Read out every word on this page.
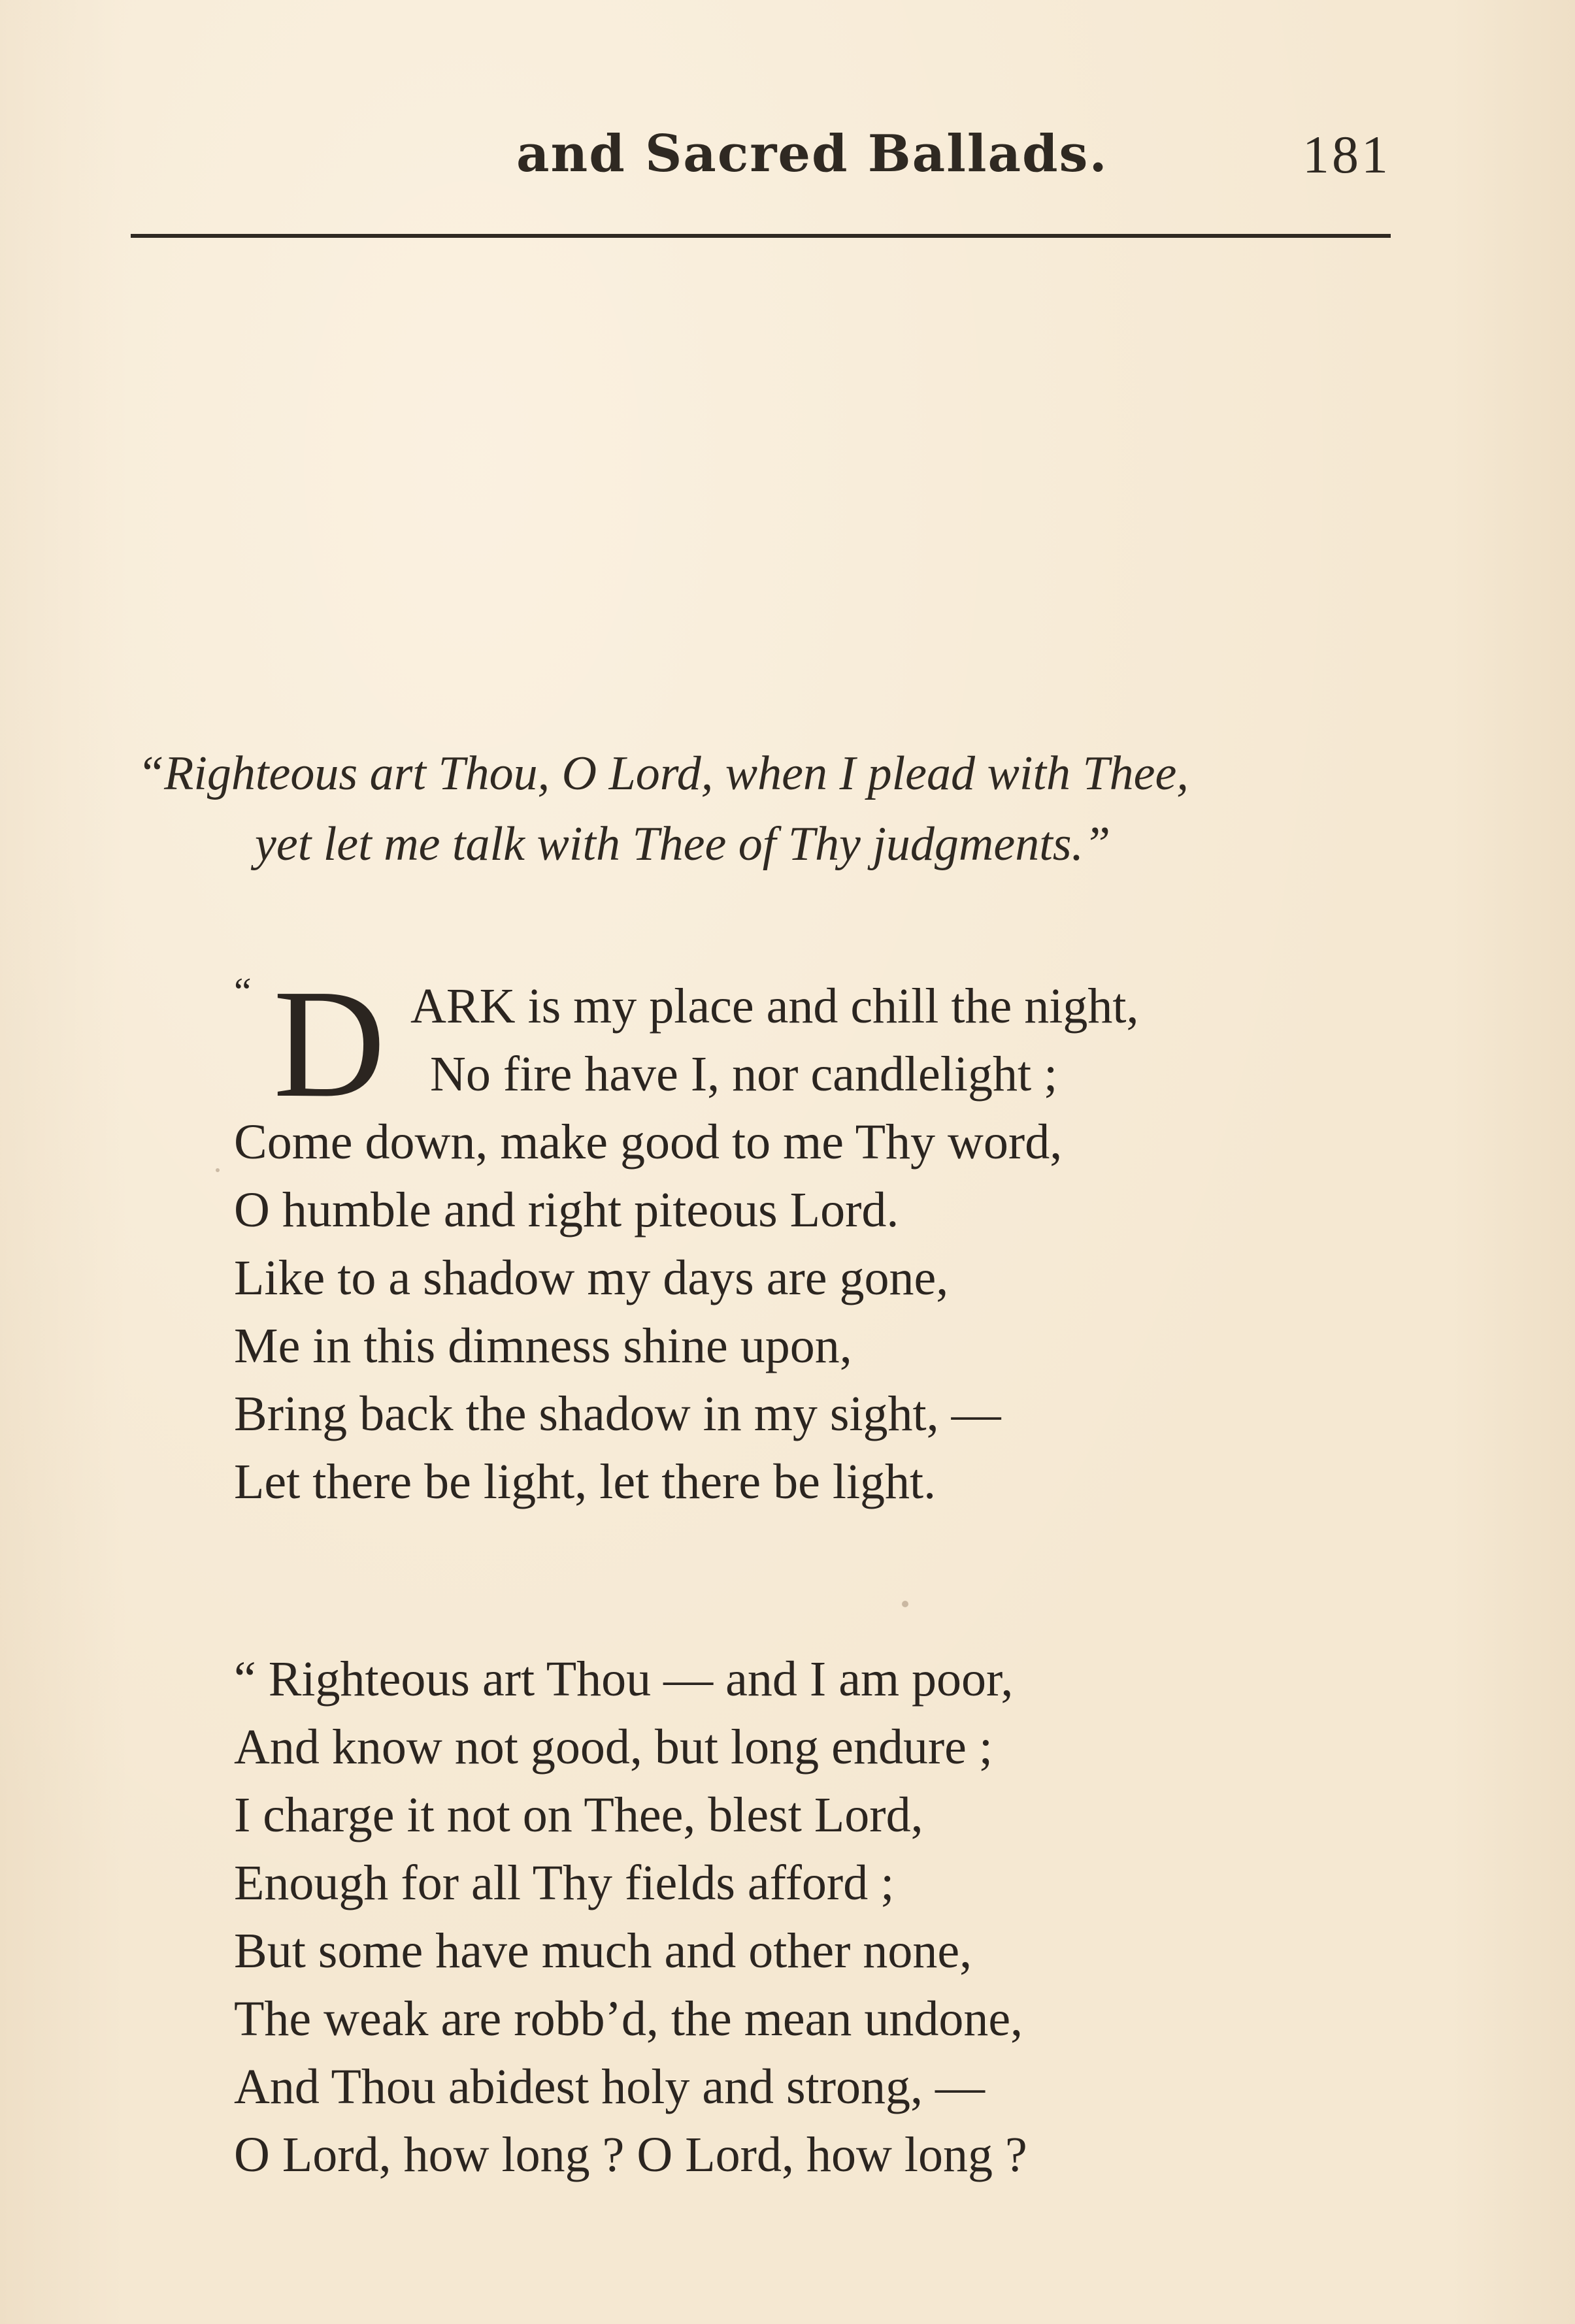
and Sacred Ballads.	181
“Righteous art Thou, O Lord, when I plead with Thee,
yet let me talk with Thee of Thy judgments.”
“ D ARK is my place and chill the night,
No fire have I, nor candlelight ;
Come down, make good to me Thy word,
O humble and right piteous Lord.
Like to a shadow my days are gone,
Me in this dimness shine upon,
Bring back the shadow in my sight, —
Let there be light, let there be light.
“ Righteous art Thou — and I am poor,
And know not good, but long endure ;
I charge it not on Thee, blest Lord,
Enough for all Thy fields afford ;
But some have much and other none,
The weak are robb’d, the mean undone,
And Thou abidest holy and strong, —
O Lord, how long ? O Lord, how long ?
